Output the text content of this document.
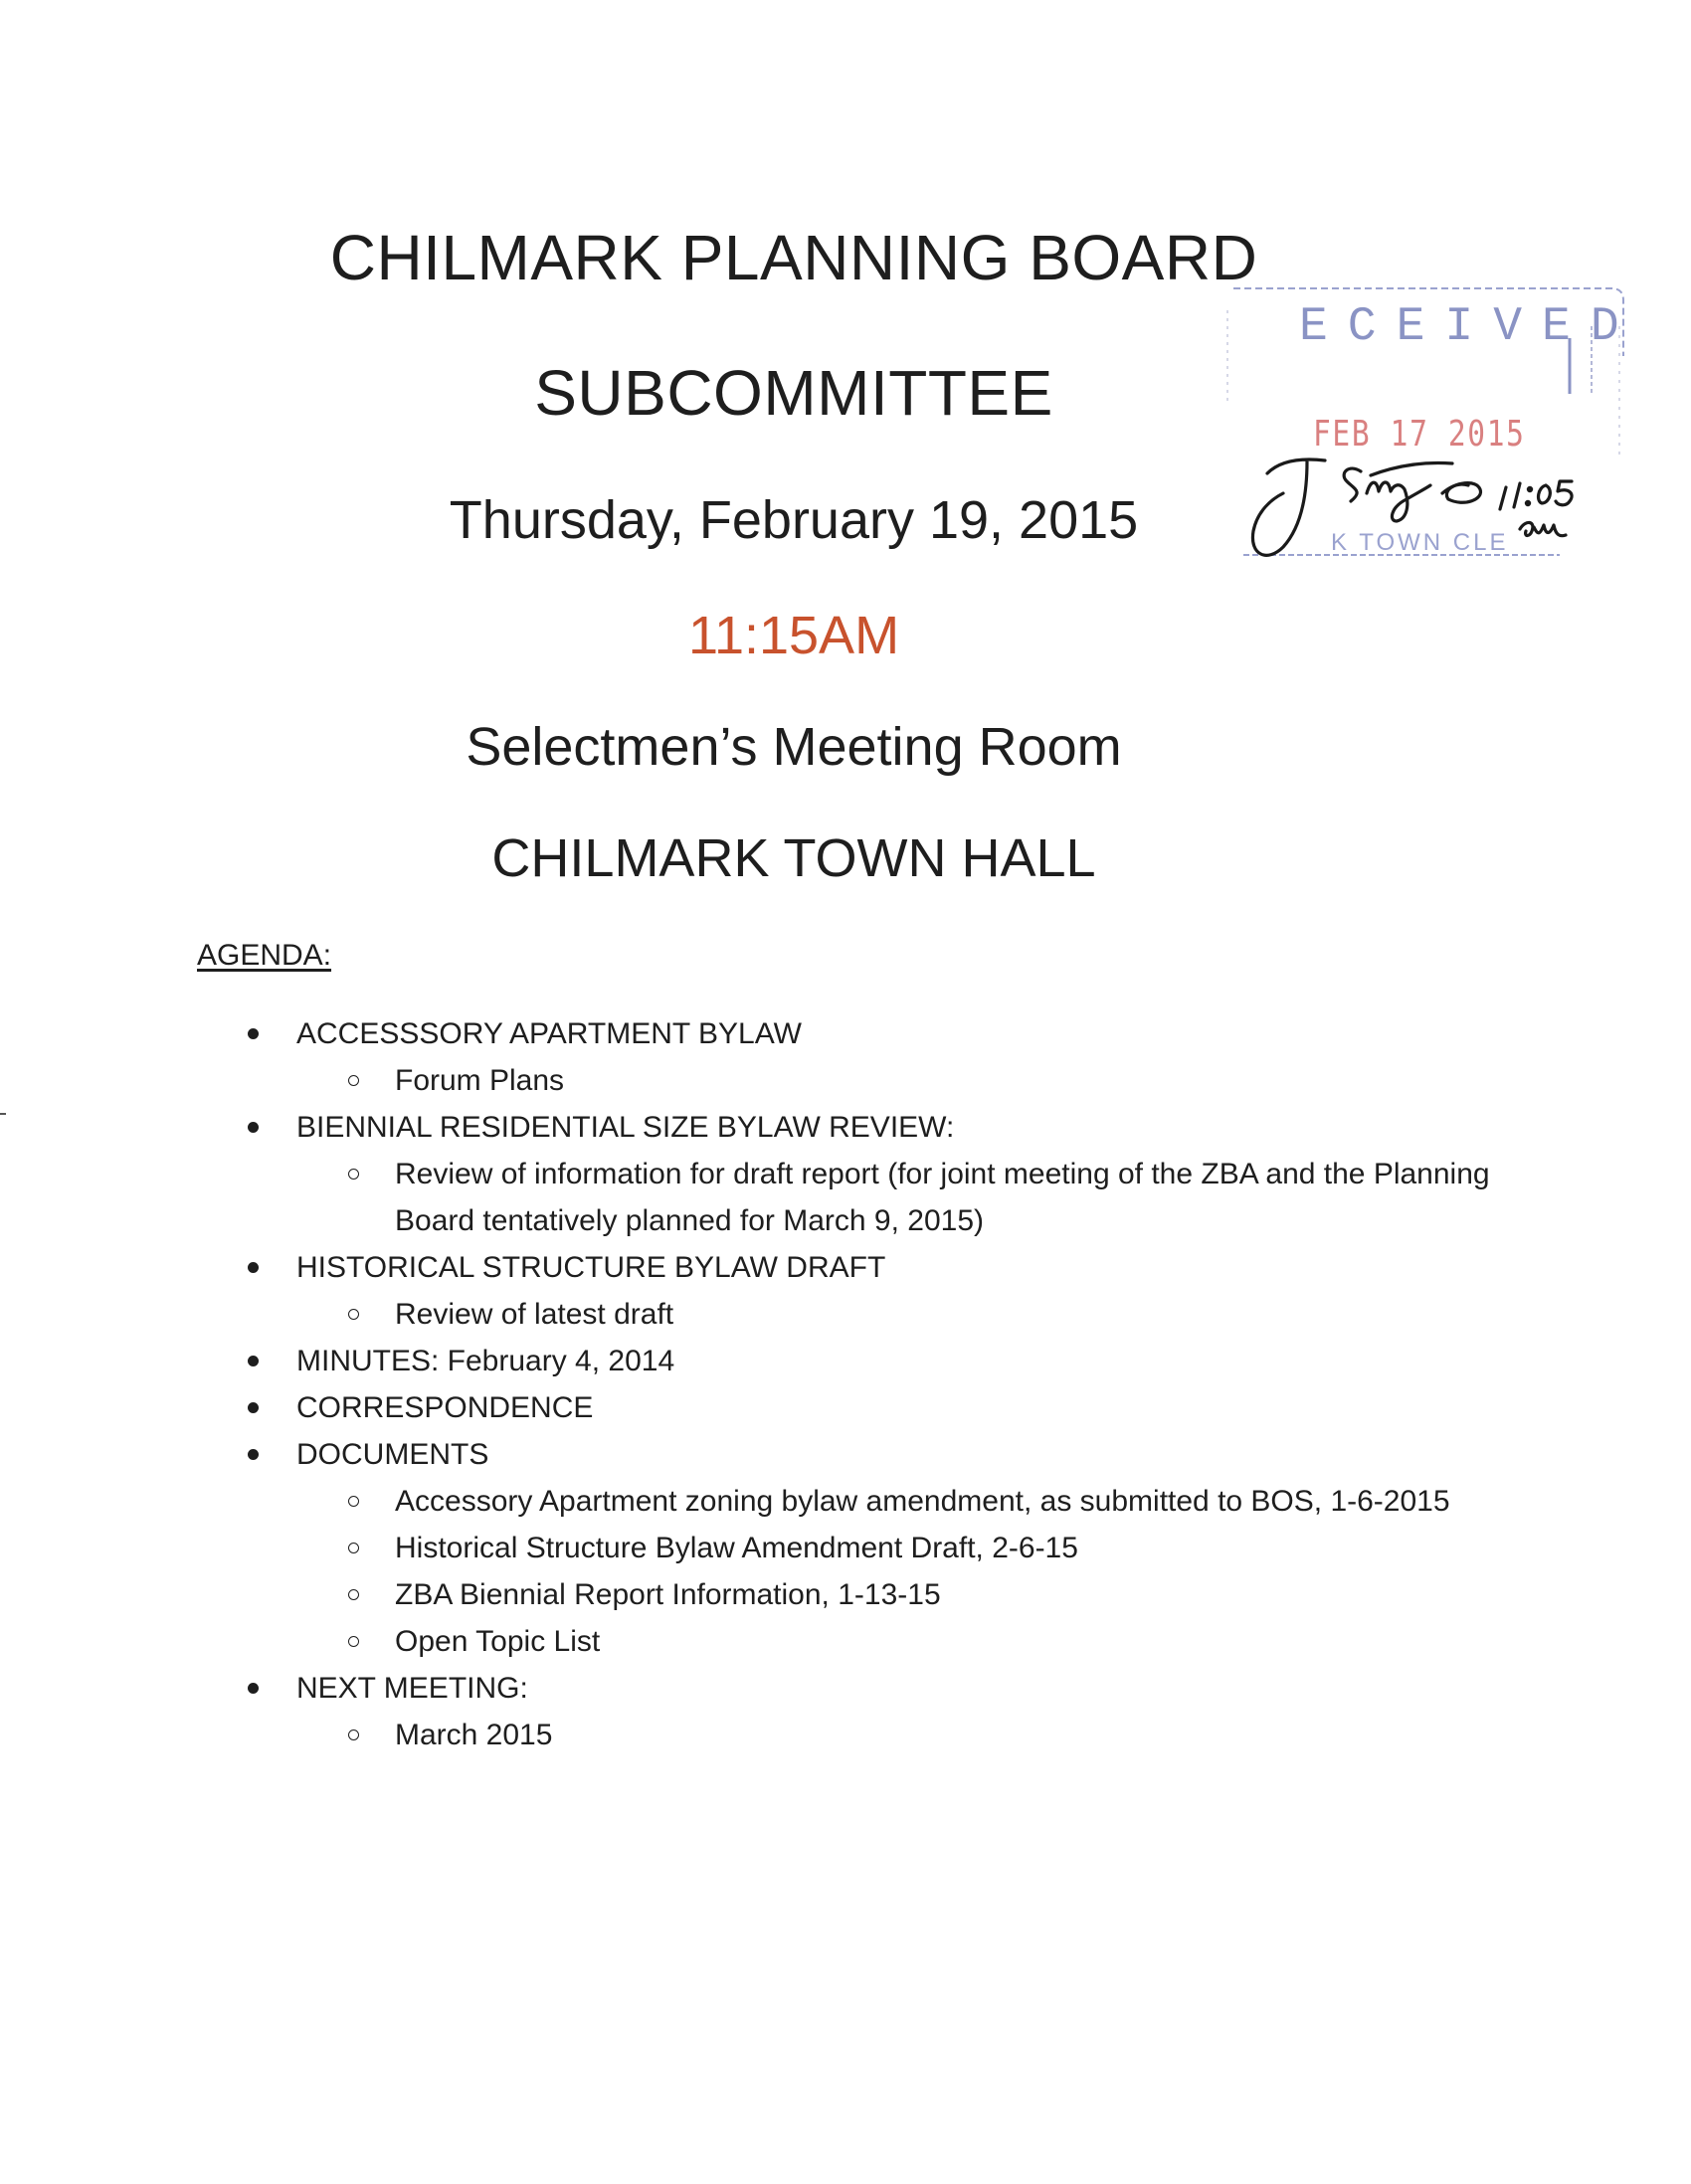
CHILMARK PLANNING BOARD
SUBCOMMITTEE
Thursday, February 19, 2015
11:15AM
Selectmen’s Meeting Room
CHILMARK TOWN HALL

AGENDA:

ACCESSSORY APARTMENT BYLAW
Forum Plans
BIENNIAL RESIDENTIAL SIZE BYLAW REVIEW:
Review of information for draft report (for joint meeting of the ZBA and the Planning Board tentatively planned for March 9, 2015)
HISTORICAL STRUCTURE BYLAW DRAFT
Review of latest draft
MINUTES: February 4, 2014
CORRESPONDENCE
DOCUMENTS
Accessory Apartment zoning bylaw amendment, as submitted to BOS, 1-6-2015
Historical Structure Bylaw Amendment Draft, 2-6-15
ZBA Biennial Report Information, 1-13-15
Open Topic List
NEXT MEETING:
March 2015
ECEIVED
FEB 17 2015
K TOWN CLE
